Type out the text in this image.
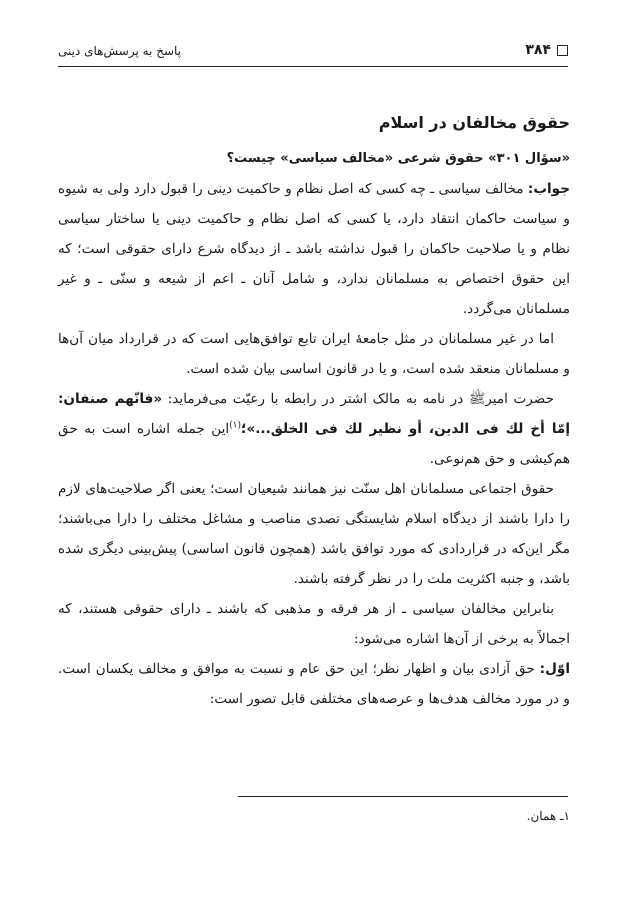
۳۸۴
پاسخ به پرسش‌های دینی

حقوق مخالفان در اسلام

«سؤال ۳۰۱» حقوق شرعی «مخالف سیاسی» چیست؟

جواب: مخالف سیاسی ـ چه کسی که اصل نظام و حاکمیت دینی را قبول دارد ولی به شیوه و سیاست حاکمان انتقاد دارد، یا کسی که اصل نظام و حاکمیت دینی یا ساختار سیاسی نظام و یا صلاحیت حاکمان را قبول نداشته باشد ـ از دیدگاه شرع دارای حقوقی است؛ که این حقوق اختصاص به مسلمانان ندارد، و شامل آنان ـ اعم از شیعه و سنّی ـ و غیر مسلمانان می‌گردد.

اما در غیر مسلمانان در مثل جامعهٔ ایران تابع توافق‌هایی است که در قرارداد میان آن‌ها و مسلمانان منعقد شده است، و یا در قانون اساسی بیان شده است.

حضرت امیرﷺ در نامه به مالک اشتر در رابطه با رعیّت می‌فرماید: «فانّهم صنفان: إمّا أخ لك فی الدین، أو نظیر لك فی الخلق...»؛$^{(۱)}$این جمله اشاره است به حق هم‌کیشی و حق هم‌نوعی.

حقوق اجتماعی مسلمانان اهل سنّت نیز همانند شیعیان است؛ یعنی اگر صلاحیت‌های لازم را دارا باشند از دیدگاه اسلام شایستگی تصدی مناصب و مشاغل مختلف را دارا می‌باشند؛ مگر این‌که در قراردادی که مورد توافق باشد (همچون قانون اساسی) پیش‌بینی دیگری شده باشد، و جنبه اکثریت ملت را در نظر گرفته باشند.

بنابراین مخالفان سیاسی ـ از هر فرقه و مذهبی که باشند ـ دارای حقوقی هستند، که اجمالاً به برخی از آن‌ها اشاره می‌شود:

اوّل: حق آزادی بیان و اظهار نظر؛ این حق عام و نسبت به موافق و مخالف یکسان است. و در مورد مخالف هدف‌ها و عرصه‌های مختلفی قابل تصور است:

۱ـ همان.
